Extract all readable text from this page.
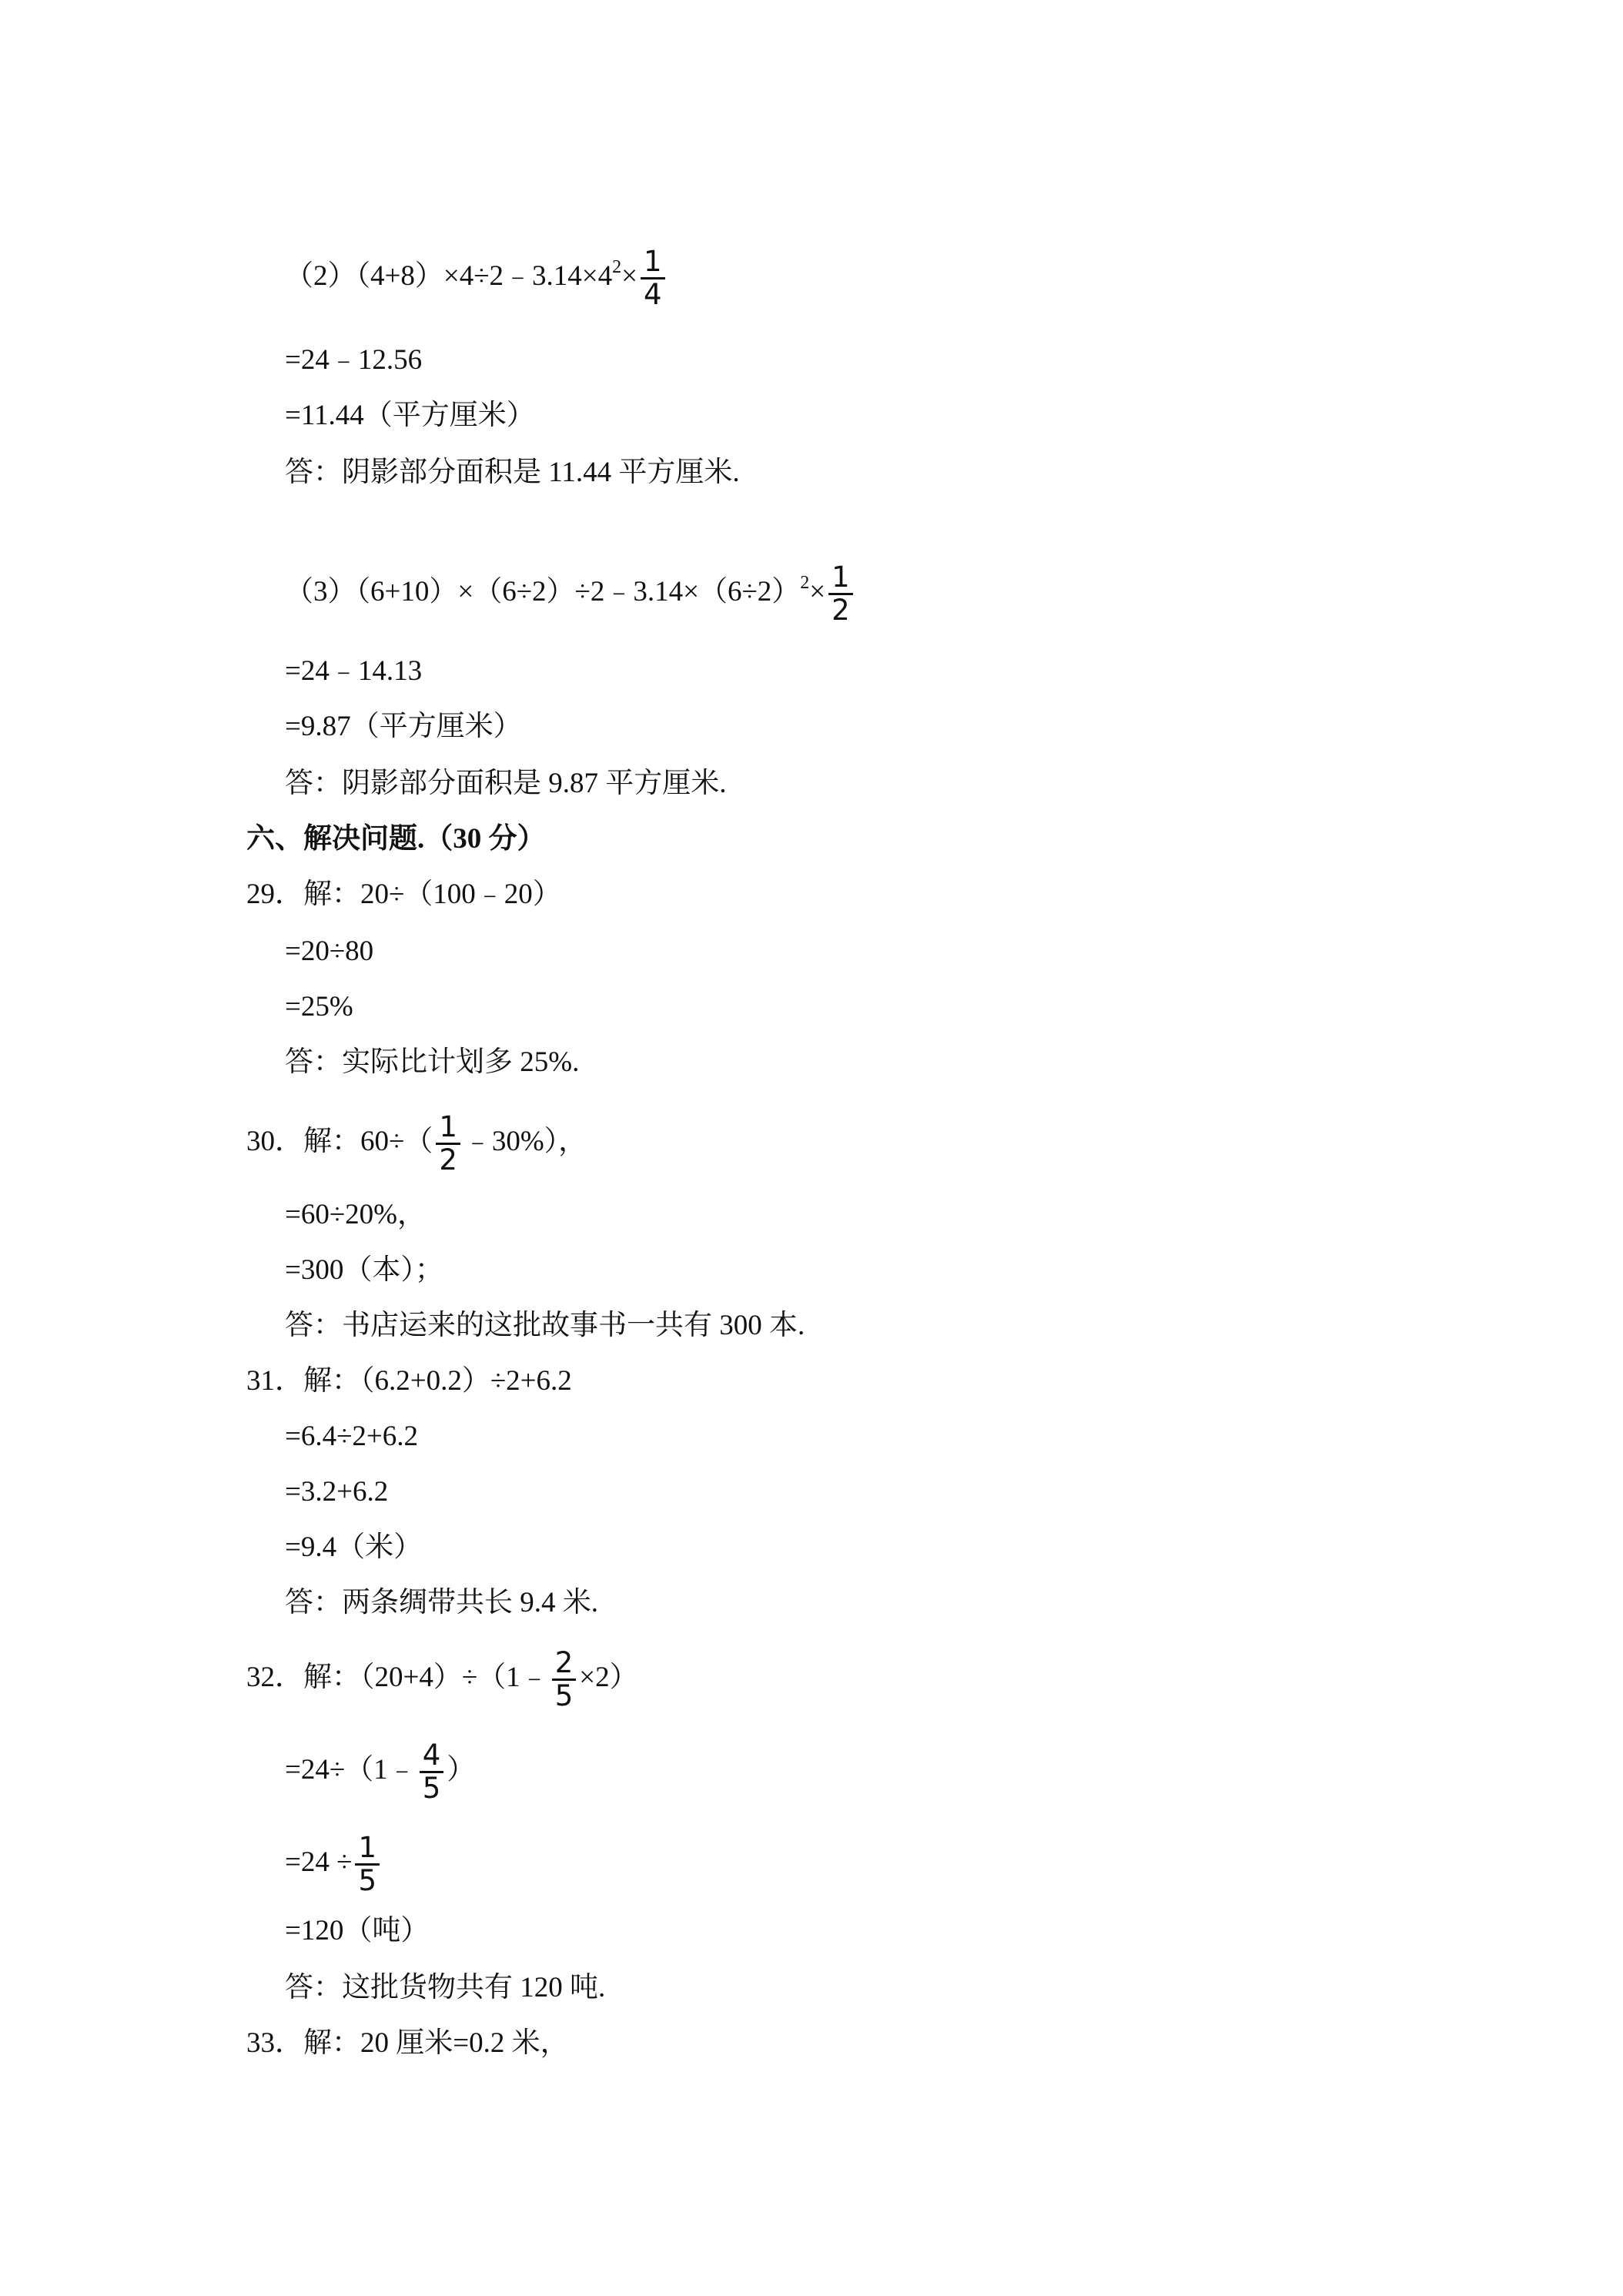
$(2)(4+8)\times 4\div 2﹣3.14\times 4^2\times \frac{1}{4}$
=24﹣12.56
=11.44（平方厘米）
答：阴影部分面积是 11.44 平方厘米.
$(3)(6+10)\times(6\div 2)\div 2﹣3.14\times(6\div 2)^2\times \frac{1}{2}$
=24﹣14.13
=9.87（平方厘米）
答：阴影部分面积是 9.87 平方厘米.
六、解决问题.（30 分）
29．解：20÷（100﹣20）
=20÷80
=25%
答：实际比计划多 25%.
30．解：$60\div( \frac{1}{2}$ ﹣30%），
=60÷20%，
=300（本）；
答：书店运来的这批故事书一共有 300 本.
31．解：（6.2+0.2）÷2+6.2
=6.4÷2+6.2
=3.2+6.2
=9.4（米）
答：两条绸带共长 9.4 米.
32．解：（20+4）÷（1﹣ $\frac{2}{5} \times 2$）
=24÷（1﹣ $\frac{4}{5}$ ）
$=24 \div \frac{1}{5}$
=120（吨）
答：这批货物共有 120 吨.
33．解：20 厘米=0.2 米，
